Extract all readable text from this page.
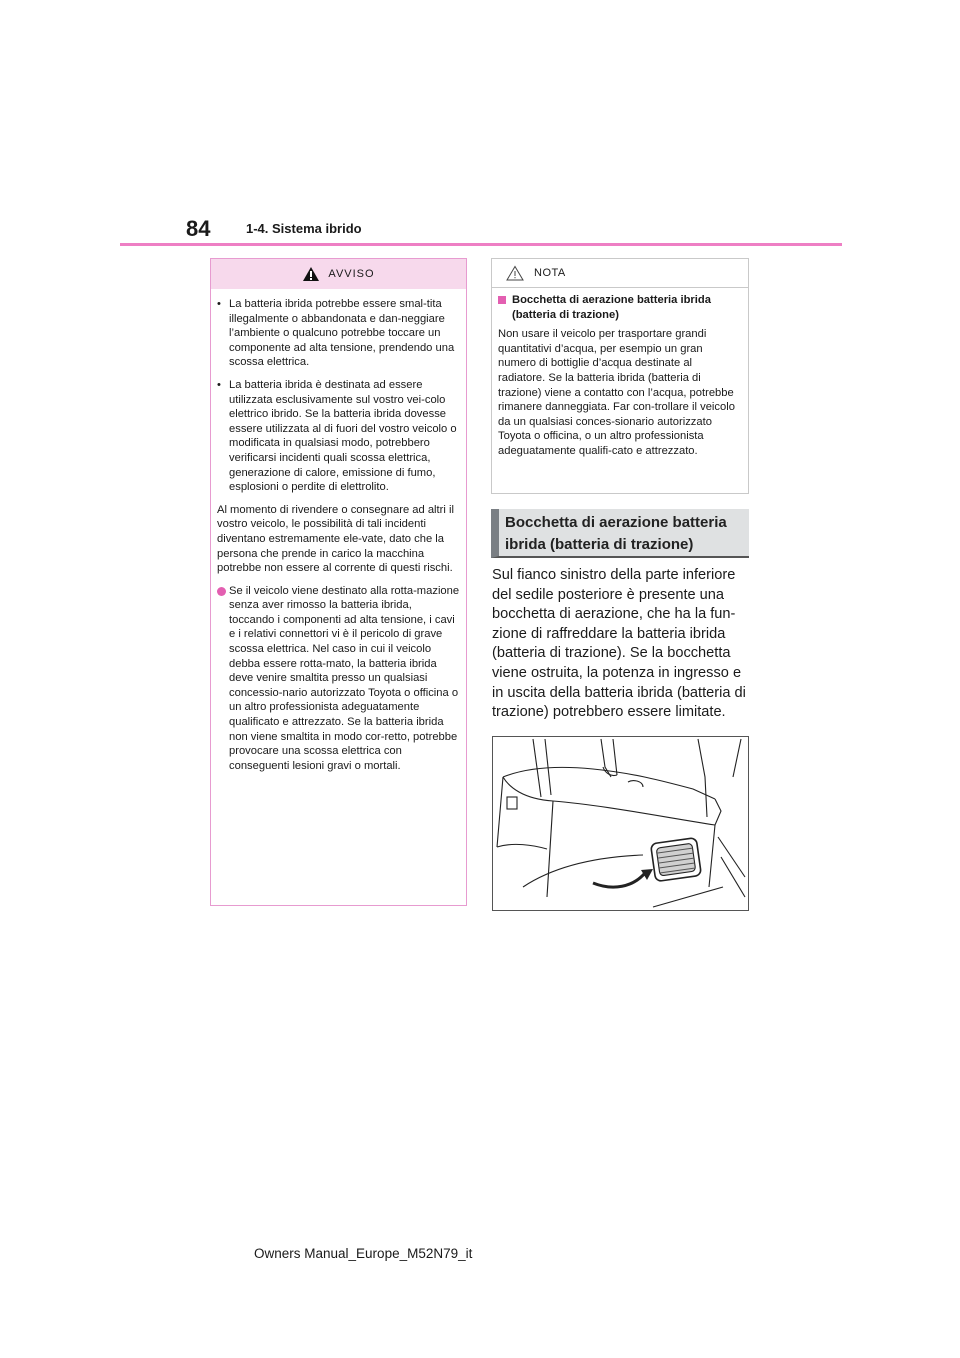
84	1-4. Sistema ibrido
AVVISO
• La batteria ibrida potrebbe essere smal-tita illegalmente o abbandonata e dan-neggiare l’ambiente o qualcuno potrebbe toccare un componente ad alta tensione, prendendo una scossa elettrica.
• La batteria ibrida è destinata ad essere utilizzata esclusivamente sul vostro vei-colo elettrico ibrido. Se la batteria ibrida dovesse essere utilizzata al di fuori del vostro veicolo o modificata in qualsiasi modo, potrebbero verificarsi incidenti quali scossa elettrica, generazione di calore, emissione di fumo, esplosioni o perdite di elettrolito.
Al momento di rivendere o consegnare ad altri il vostro veicolo, le possibilità di tali incidenti diventano estremamente ele-vate, dato che la persona che prende in carico la macchina potrebbe non essere al corrente di questi rischi.
Se il veicolo viene destinato alla rotta-mazione senza aver rimosso la batteria ibrida, toccando i componenti ad alta tensione, i cavi e i relativi connettori vi è il pericolo di grave scossa elettrica. Nel caso in cui il veicolo debba essere rotta-mato, la batteria ibrida deve venire smaltita presso un qualsiasi concessio-nario autorizzato Toyota o officina o un altro professionista adeguatamente qualificato e attrezzato. Se la batteria ibrida non viene smaltita in modo cor-retto, potrebbe provocare una scossa elettrica con conseguenti lesioni gravi o mortali.
NOTA
Bocchetta di aerazione batteria ibrida (batteria di trazione)
Non usare il veicolo per trasportare grandi quantitativi d’acqua, per esempio un gran numero di bottiglie d’acqua destinate al radiatore. Se la batteria ibrida (batteria di trazione) viene a contatto con l’acqua, potrebbe rimanere danneggiata. Far con-trollare il veicolo da un qualsiasi conces-sionario autorizzato Toyota o officina, o un altro professionista adeguatamente qualifi-cato e attrezzato.
Bocchetta di aerazione batteria ibrida (batteria di trazione)
Sul fianco sinistro della parte inferiore del sedile posteriore è presente una bocchetta di aerazione, che ha la fun-zione di raffreddare la batteria ibrida (batteria di trazione). Se la bocchetta viene ostruita, la potenza in ingresso e in uscita della batteria ibrida (batteria di trazione) potrebbero essere limitate.
Owners Manual_Europe_M52N79_it
